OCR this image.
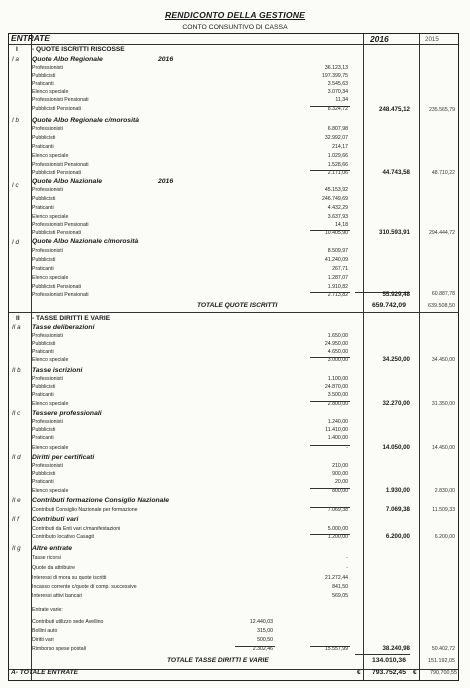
RENDICONTO DELLA GESTIONE
CONTO CONSUNTIVO DI CASSA
ENTRATE	2016	2015
I - QUOTE ISCRITTI RISCOSSE
I a Quote Albo Regionale	2016
Professionisti	36.123,13
Pubblicisti	197.399,75
Praticanti	3.545,63
Elenco speciale	3.070,34
Professionisti Pensionati	11,34
Pubblicisti Pensionati	8.324,72	248.475,12	235.565,79
I b Quote Albo Regionale c/morosità
Professionisti	6.807,98
Pubblicisti	32.992,07
Praticanti	214,17
Elenco speciale	1.029,66
Professionisti Pensionati	1.528,66
Pubblicisti Pensionati	2.171,06	44.743,58	48.710,22
I c
Quote Albo Nazionale	2016
Professionisti	45.153,92
Pubblicisti	246.749,69
Praticanti	4.432,29
Elenco speciale	3.637,93
Professionisti Pensionati	14,18
Pubblicisti Pensionati	10.405,90	310.593,91	294.444,72
I d Quote Albo Nazionale c/morosità
Professionisti	8.509,97
Pubblicisti	41.240,09
Praticanti	267,71
Elenco speciale	1.287,07
Pubblicisti Pensionati	1.910,82
Professionisti Pensionati	2.713,82	55.929,48	60.887,78
TOTALE QUOTE ISCRITTI	659.742,09	639.508,50
II - TASSE DIRITTI E VARIE
II a Tasse deliberazioni
Professionisti	1.650,00
Pubblicisti	24.950,00
Praticanti	4.650,00
Elenco speciale	3.000,00	34.250,00	34.450,00
II b Tasse iscrizioni
Professionisti	1.100,00
Pubblicisti	24.870,00
Praticanti	3.500,00
Elenco speciale	2.800,00	32.270,00	31.350,00
II c Tessere professionali
Professionisti	1.240,00
Pubblicisti	11.410,00
Praticanti	1.400,00
Elenco speciale	-	14.050,00	14.450,00
II d Diritti per certificati
Professionisti	210,00
Pubblicisti	900,00
Praticanti	20,00
Elenco speciale	800,00	1.930,00	2.830,00
II e Contributi formazione Consiglio Nazionale
Contributi Consiglio Nazionale per formazione	7.069,38	7.069,38	11.509,33
II f Contributi vari
Contributi da Enti vari c/manifestazioni	5.000,00
Contributo locativo Casagit	1.200,00	6.200,00	6.200,00
II g Altre entrate
Tasse ricorsi	-
Quote da attribuire	-
Interessi di mora su quote iscritti	21.272,44
Incasso corrente c/quote di comp. successive	841,50
Interessi attivi bancari	569,05
Entrate varie:
Contributi utilizzo sede Avellino	12.440,03
Bollini auto	315,00
Diritti vari	500,50
Rimborso spese postali	2.302,46	15.557,99	38.240,98	50.402,72
TOTALE TASSE DIRITTI E VARIE	134.010,36	151.192,05
A- TOTALE ENTRATE	€	793.752,45 €	790.700,55
